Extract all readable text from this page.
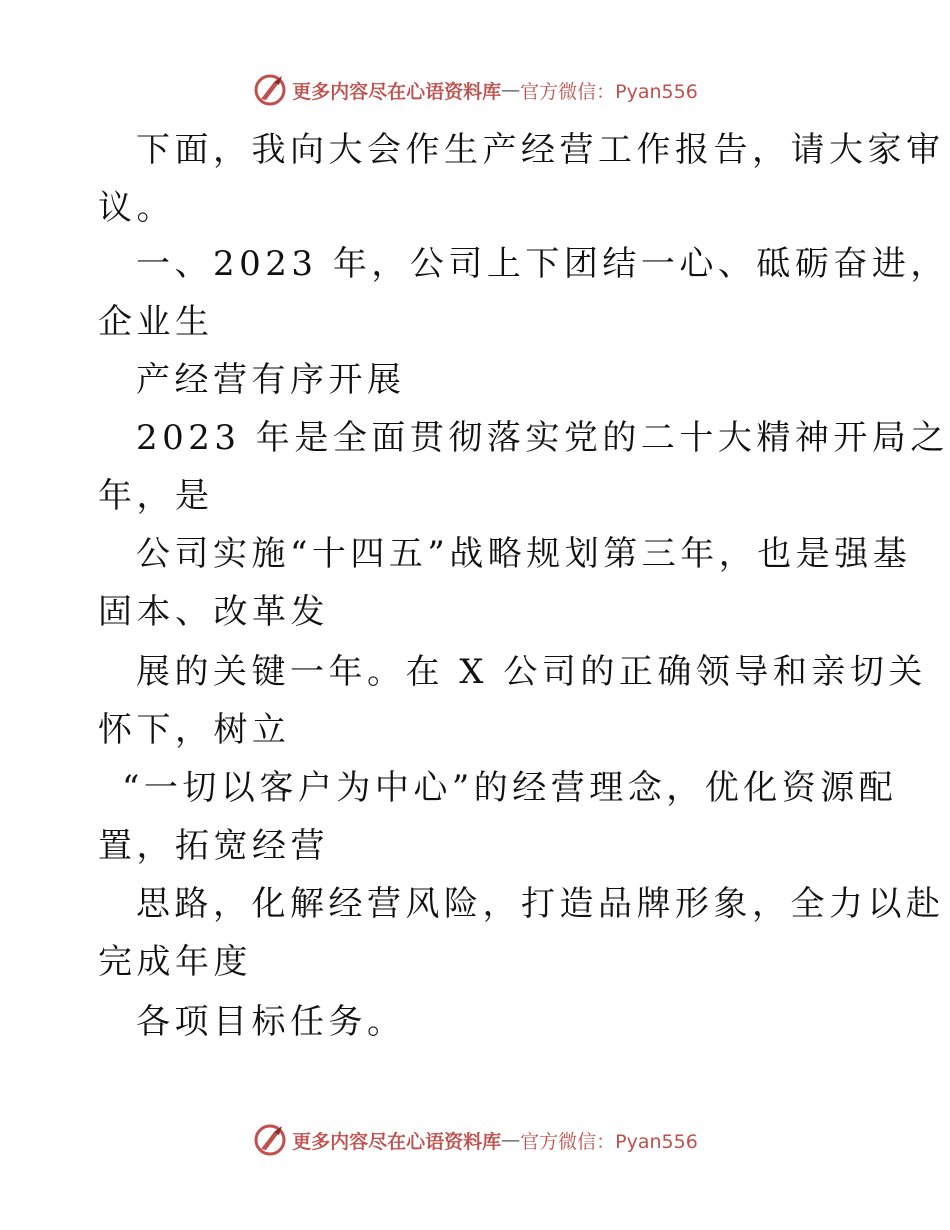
更多内容尽在心语资料库 — 官方微信：Pyan556
下面，我向大会作生产经营工作报告，请大家审
议。
一、2023 年，公司上下团结一心、砥砺奋进，
企业生
产经营有序开展
2023 年是全面贯彻落实党的二十大精神开局之
年，是
公司实施“十四五”战略规划第三年，也是强基
固本、改革发
展的关键一年。在 X 公司的正确领导和亲切关
怀下，树立
“一切以客户为中心”的经营理念，优化资源配
置，拓宽经营
思路，化解经营风险，打造品牌形象，全力以赴
完成年度
各项目标任务。
更多内容尽在心语资料库 — 官方微信：Pyan556
